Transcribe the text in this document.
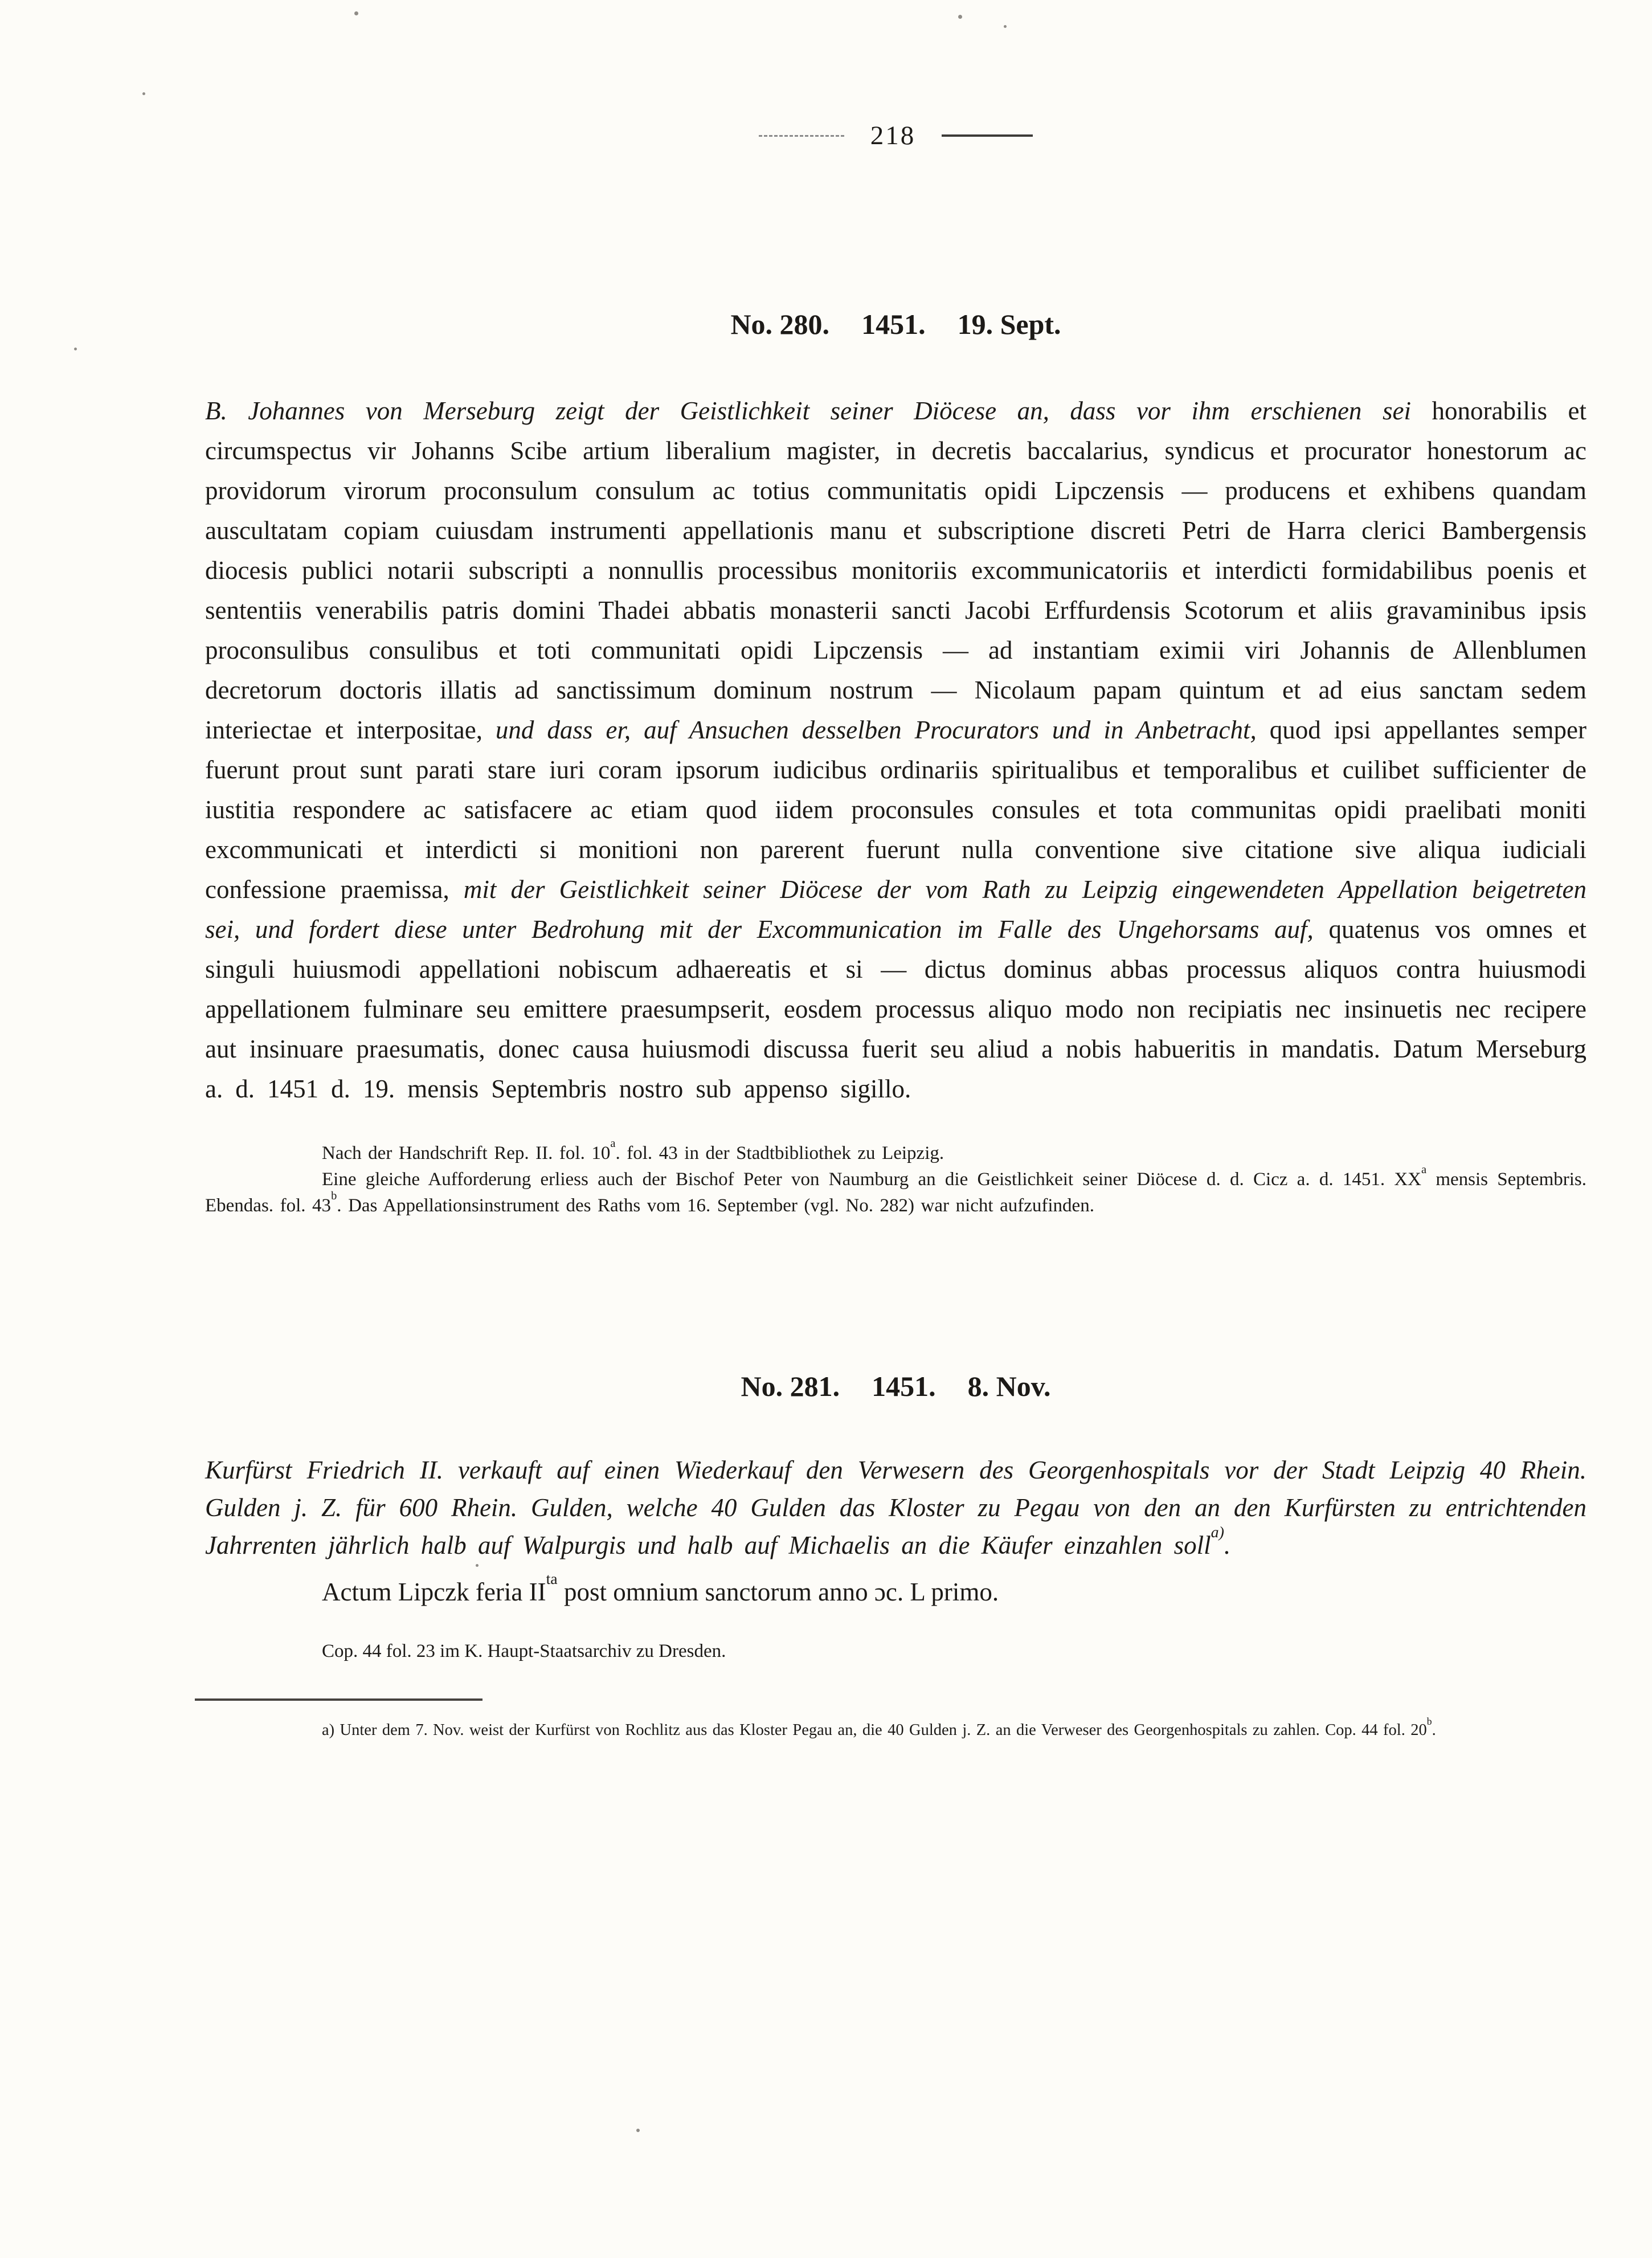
218
No. 280. 1451. 19. Sept.

B. Johannes von Merseburg zeigt der Geistlichkeit seiner Diöcese an, dass vor ihm erschienen sei honorabilis et circumspectus vir Johanns Scibe artium liberalium magister, in decretis baccalarius, syndicus et procurator honestorum ac providorum virorum proconsulum consulum ac totius communitatis opidi Lipczensis — producens et exhibens quandam auscultatam copiam cuiusdam instrumenti appellationis manu et subscriptione discreti Petri de Harra clerici Bambergensis diocesis publici notarii subscripti a nonnullis processibus monitoriis excommunicatoriis et interdicti formidabilibus poenis et sententiis venerabilis patris domini Thadei abbatis monasterii sancti Jacobi Erffurdensis Scotorum et aliis gravaminibus ipsis proconsulibus consulibus et toti communitati opidi Lipczensis — ad instantiam eximii viri Johannis de Allenblumen decretorum doctoris illatis ad sanctissimum dominum nostrum — Nicolaum papam quintum et ad eius sanctam sedem interiectae et interpositae, und dass er, auf Ansuchen desselben Procurators und in Anbetracht, quod ipsi appellantes semper fuerunt prout sunt parati stare iuri coram ipsorum iudicibus ordinariis spiritualibus et temporalibus et cuilibet sufficienter de iustitia respondere ac satisfacere ac etiam quod iidem proconsules consules et tota communitas opidi praelibati moniti excommunicati et interdicti si monitioni non parerent fuerunt nulla conventione sive citatione sive aliqua iudiciali confessione praemissa, mit der Geistlichkeit seiner Diöcese der vom Rath zu Leipzig eingewendeten Appellation beigetreten sei, und fordert diese unter Bedrohung mit der Excommunication im Falle des Ungehorsams auf, quatenus vos omnes et singuli huiusmodi appellationi nobiscum adhaereatis et si — dictus dominus abbas processus aliquos contra huiusmodi appellationem fulminare seu emittere praesumpserit, eosdem processus aliquo modo non recipiatis nec insinuetis nec recipere aut insinuare praesumatis, donec causa huiusmodi discussa fuerit seu aliud a nobis habueritis in mandatis. Datum Merseburg a. d. 1451 d. 19. mensis Septembris nostro sub appenso sigillo.

Nach der Handschrift Rep. II. fol. 10$^a$. fol. 43 in der Stadtbibliothek zu Leipzig.

Eine gleiche Aufforderung erliess auch der Bischof Peter von Naumburg an die Geistlichkeit seiner Diöcese d. d. Cicz a. d. 1451. $XX^a$ mensis Septembris. Ebendas. fol. 43$^b$. Das Appellationsinstrument des Raths vom 16. September (vgl. No. 282) war nicht aufzufinden.

No. 281. 1451. 8. Nov.

Kurfürst Friedrich II. verkauft auf einen Wiederkauf den Verwesern des Georgenhospitals vor der Stadt Leipzig 40 Rhein. Gulden j. Z. für 600 Rhein. Gulden, welche 40 Gulden das Kloster zu Pegau von den an den Kurfürsten zu entrichtenden Jahrrenten jährlich halb auf Walpurgis und halb auf Michaelis an die Käufer einzahlen soll$^{a)}$.

Actum Lipczk feria $II^{ta}$ post omnium sanctorum anno ɔc. L primo.

Cop. 44 fol. 23 im K. Haupt-Staatsarchiv zu Dresden.

a) Unter dem 7. Nov. weist der Kurfürst von Rochlitz aus das Kloster Pegau an, die 40 Gulden j. Z. an die Verweser des Georgenhospitals zu zahlen. Cop. 44 fol. 20$^b$.
